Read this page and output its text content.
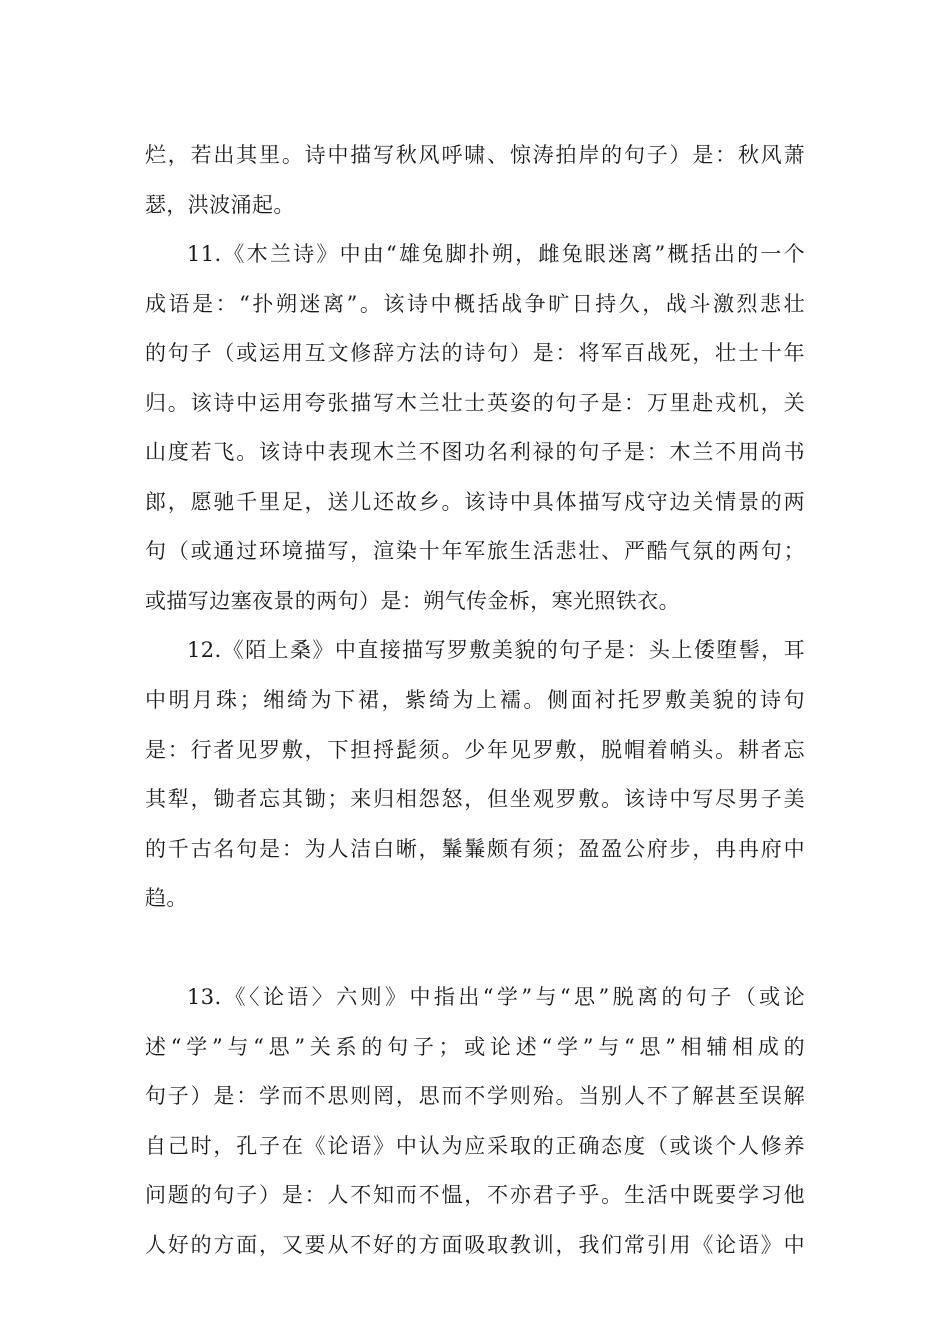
烂，若出其里。诗中描写秋风呼啸、惊涛拍岸的句子）是：秋风萧
瑟，洪波涌起。
11.《木兰诗》中由“雄兔脚扑朔，雌兔眼迷离”概括出的一个
成语是：“扑朔迷离”。该诗中概括战争旷日持久，战斗激烈悲壮
的句子（或运用互文修辞方法的诗句）是：将军百战死，壮士十年
归。该诗中运用夸张描写木兰壮士英姿的句子是：万里赴戎机，关
山度若飞。该诗中表现木兰不图功名利禄的句子是：木兰不用尚书
郎，愿驰千里足，送儿还故乡。该诗中具体描写戍守边关情景的两
句（或通过环境描写，渲染十年军旅生活悲壮、严酷气氛的两句；
或描写边塞夜景的两句）是：朔气传金柝，寒光照铁衣。
12.《陌上桑》中直接描写罗敷美貌的句子是：头上倭堕髻，耳
中明月珠；缃绮为下裙，紫绮为上襦。侧面衬托罗敷美貌的诗句
是：行者见罗敷，下担捋髭须。少年见罗敷，脱帽着帩头。耕者忘
其犁，锄者忘其锄；来归相怨怒，但坐观罗敷。该诗中写尽男子美
的千古名句是：为人洁白晰，鬑鬑颇有须；盈盈公府步，冉冉府中
趋。
13.《〈论语〉六则》中指出“学”与“思”脱离的句子（或论
述“学”与“思”关系的句子；或论述“学”与“思”相辅相成的
句子）是：学而不思则罔，思而不学则殆。当别人不了解甚至误解
自己时，孔子在《论语》中认为应采取的正确态度（或谈个人修养
问题的句子）是：人不知而不愠，不亦君子乎。生活中既要学习他
人好的方面，又要从不好的方面吸取教训，我们常引用《论语》中
